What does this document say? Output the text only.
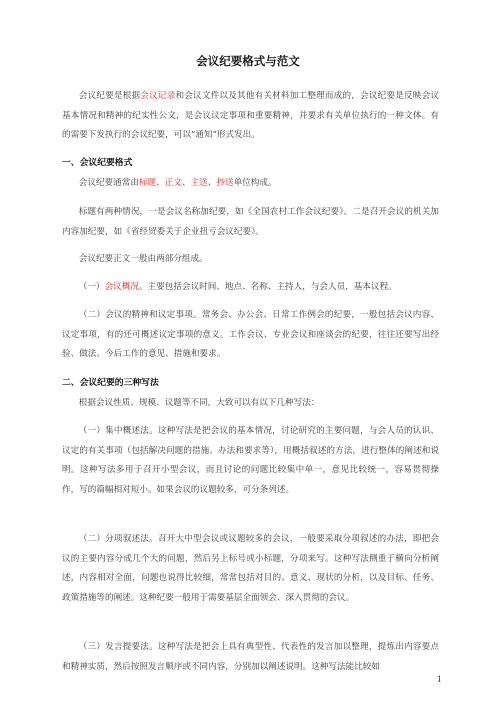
会议纪要格式与范文

会议纪要是根据会议记录和会议文件以及其他有关材料加工整理而成的，会议纪要是反映会议基本情况和精神的纪实性公文，是会议议定事项和重要精神，并要求有关单位执行的一种文体。有的需要下发执行的会议纪要，可以“通知”形式发出。

一、会议纪要格式

会议纪要通常由标题、正文、主送、抄送单位构成。

标题有两种情况，一是会议名称加纪要，如《全国农村工作会议纪要》。二是召开会议的机关加内容加纪要，如《省经贸委关于企业扭亏会议纪要》。

会议纪要正文一般由两部分组成。

（一）会议概况。主要包括会议时间、地点、名称、主持人，与会人员，基本议程。

（二）会议的精神和议定事项。常务会、办公会、日常工作例会的纪要，一般包括会议内容、议定事项，有的还可概述议定事项的意义。工作会议、专业会议和座谈会的纪要，往往还要写出经验、做法、今后工作的意见、措施和要求。

二、会议纪要的三种写法

根据会议性质、规模、议题等不同，大致可以有以下几种写法：

（一）集中概述法。这种写法是把会议的基本情况，讨论研究的主要问题，与会人员的认识、议定的有关事项（包括解决问题的措施、办法和要求等），用概括叙述的方法，进行整体的阐述和说明。这种写法多用于召开小型会议，而且讨论的问题比较集中单一，意见比较统一，容易贯彻操作，写的篇幅相对短小。如果会议的议题较多，可分条列述。

（二）分项叙述法。召开大中型会议或议题较多的会议，一般要采取分项叙述的办法，即把会议的主要内容分成几个大的问题，然后另上标号或小标题，分项来写。这种写法侧重于横向分析阐述，内容相对全面，问题也说得比较细，常常包括对目的、意义、现状的分析，以及目标、任务、政策措施等的阐述。这种纪要一般用于需要基层全面领会、深入贯彻的会议。

（三）发言提要法。这种写法是把会上具有典型性、代表性的发言加以整理，提炼出内容要点和精神实质，然后按照发言顺序或不同内容，分别加以阐述说明。这种写法能比较如

1
